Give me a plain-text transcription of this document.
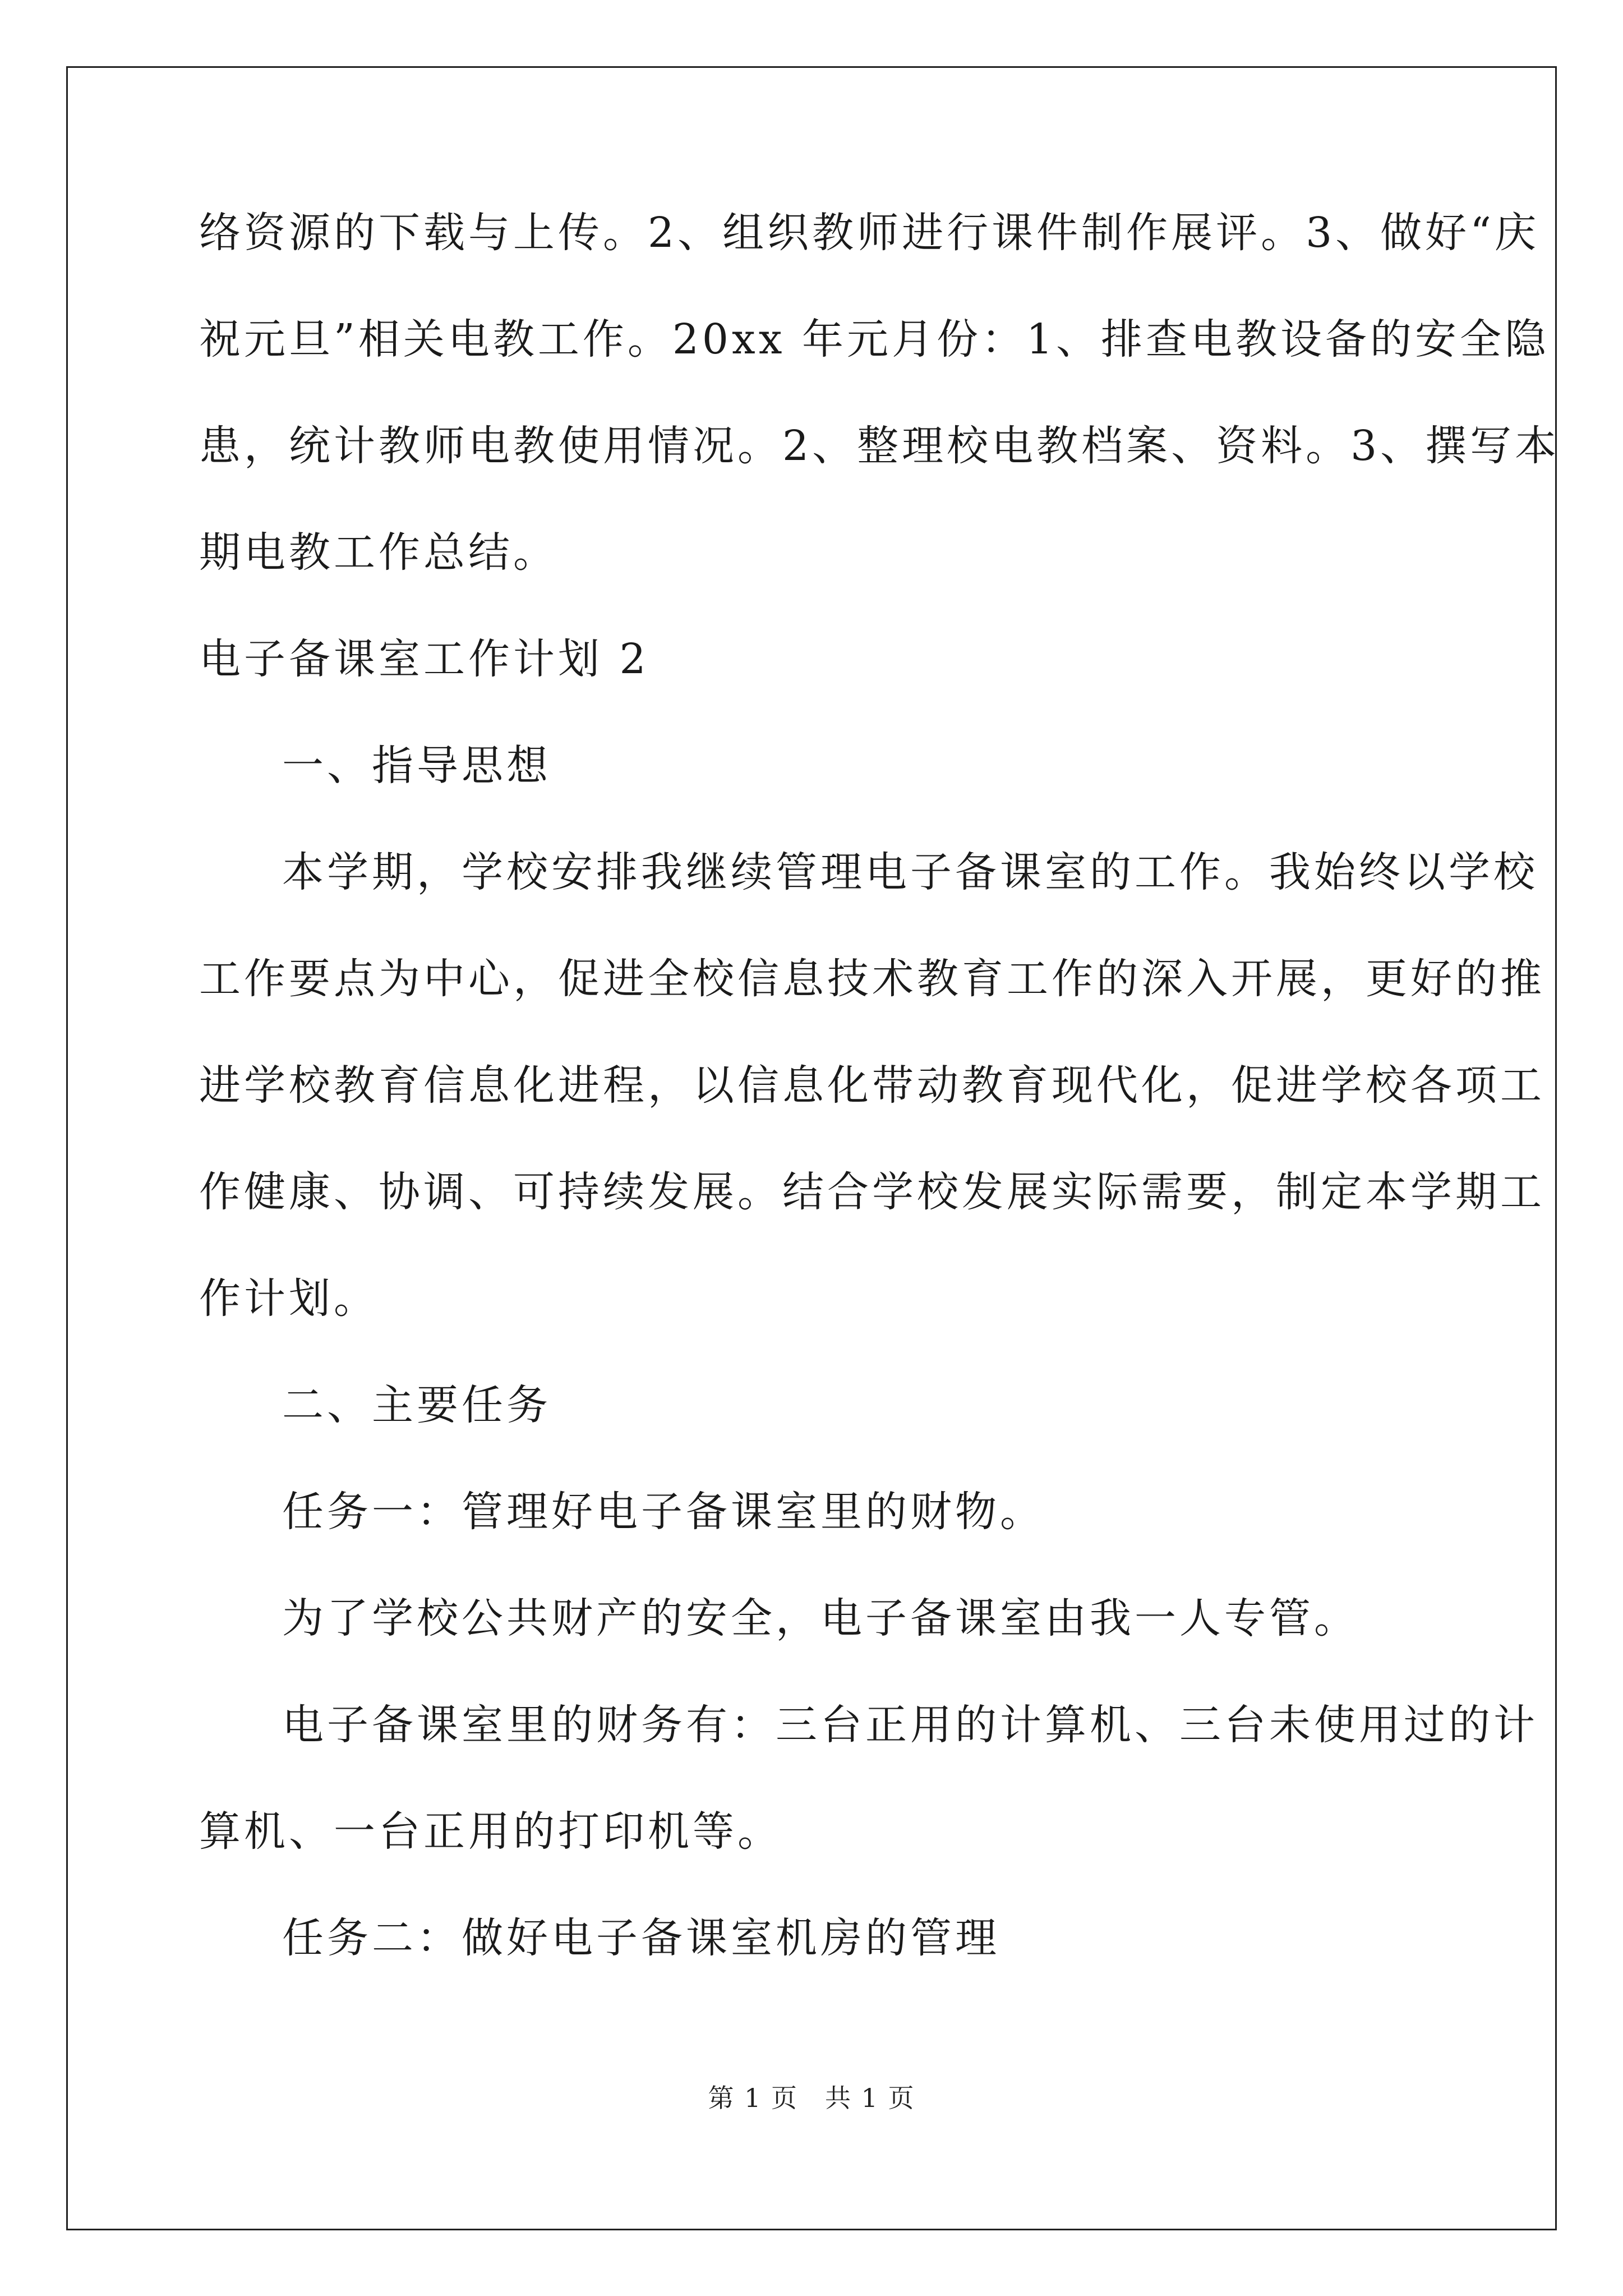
络资源的下载与上传。2、组织教师进行课件制作展评。3、做好“庆
祝元旦”相关电教工作。20xx 年元月份：1、排查电教设备的安全隐
患，统计教师电教使用情况。2、整理校电教档案、资料。3、撰写本
期电教工作总结。
电子备课室工作计划 2
一、指导思想
本学期，学校安排我继续管理电子备课室的工作。我始终以学校
工作要点为中心，促进全校信息技术教育工作的深入开展，更好的推
进学校教育信息化进程，以信息化带动教育现代化，促进学校各项工
作健康、协调、可持续发展。结合学校发展实际需要，制定本学期工
作计划。
二、主要任务
任务一：管理好电子备课室里的财物。
为了学校公共财产的安全，电子备课室由我一人专管。
电子备课室里的财务有：三台正用的计算机、三台未使用过的计
算机、一台正用的打印机等。
任务二：做好电子备课室机房的管理
第 1 页　共 1 页
